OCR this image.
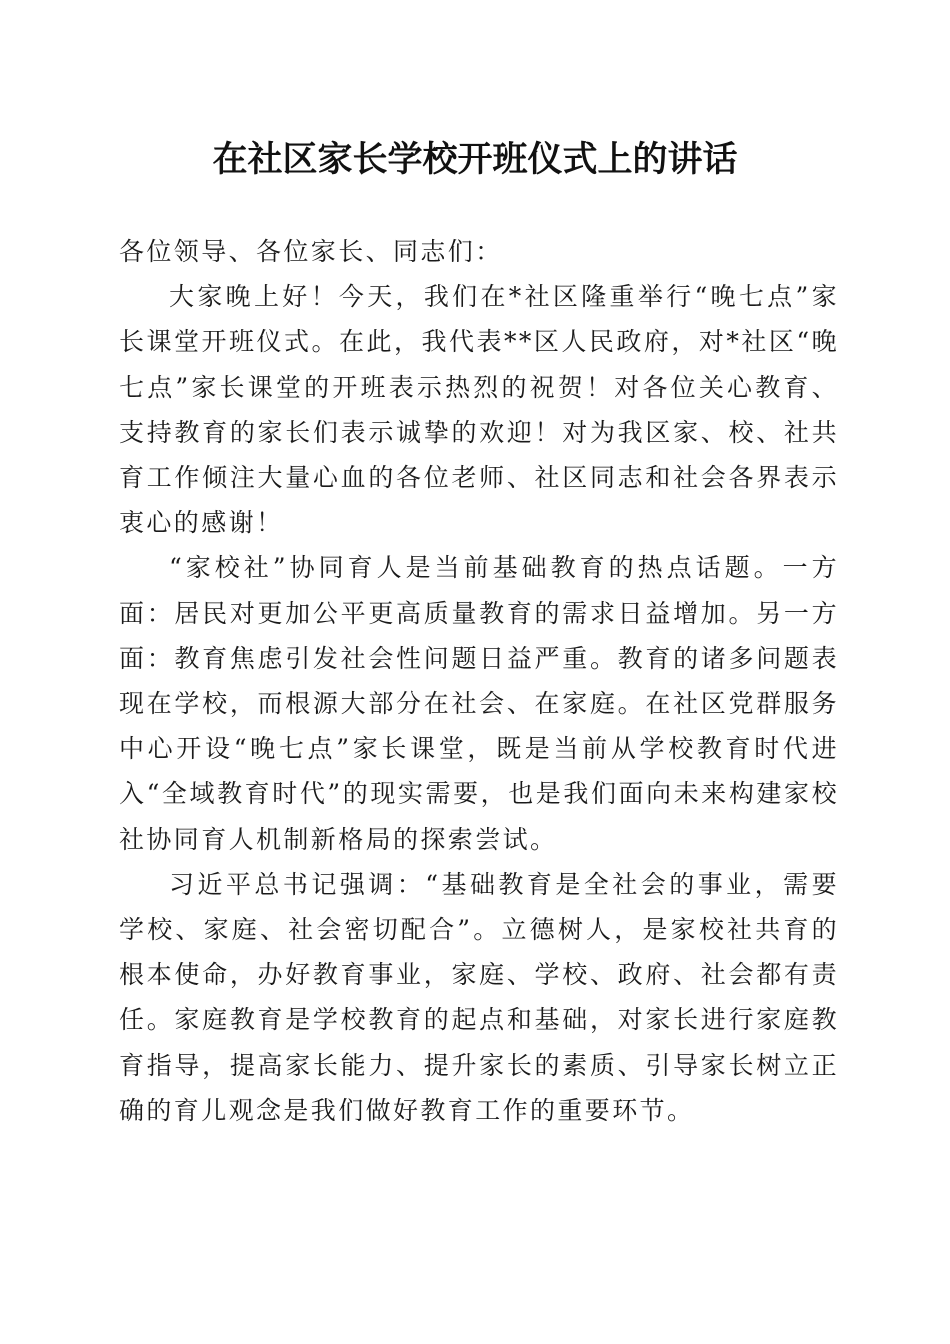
在社区家长学校开班仪式上的讲话

各位领导、各位家长、同志们：

大家晚上好！今天，我们在*社区隆重举行“晚七点”家长课堂开班仪式。在此，我代表**区人民政府，对*社区“晚七点”家长课堂的开班表示热烈的祝贺！对各位关心教育、支持教育的家长们表示诚挚的欢迎！对为我区家、校、社共育工作倾注大量心血的各位老师、社区同志和社会各界表示衷心的感谢！

“家校社”协同育人是当前基础教育的热点话题。一方面：居民对更加公平更高质量教育的需求日益增加。另一方面：教育焦虑引发社会性问题日益严重。教育的诸多问题表现在学校，而根源大部分在社会、在家庭。在社区党群服务中心开设“晚七点”家长课堂，既是当前从学校教育时代进入“全域教育时代”的现实需要，也是我们面向未来构建家校社协同育人机制新格局的探索尝试。

习近平总书记强调：“基础教育是全社会的事业，需要学校、家庭、社会密切配合”。立德树人，是家校社共育的根本使命，办好教育事业，家庭、学校、政府、社会都有责任。家庭教育是学校教育的起点和基础，对家长进行家庭教育指导，提高家长能力、提升家长的素质、引导家长树立正确的育儿观念是我们做好教育工作的重要环节。
